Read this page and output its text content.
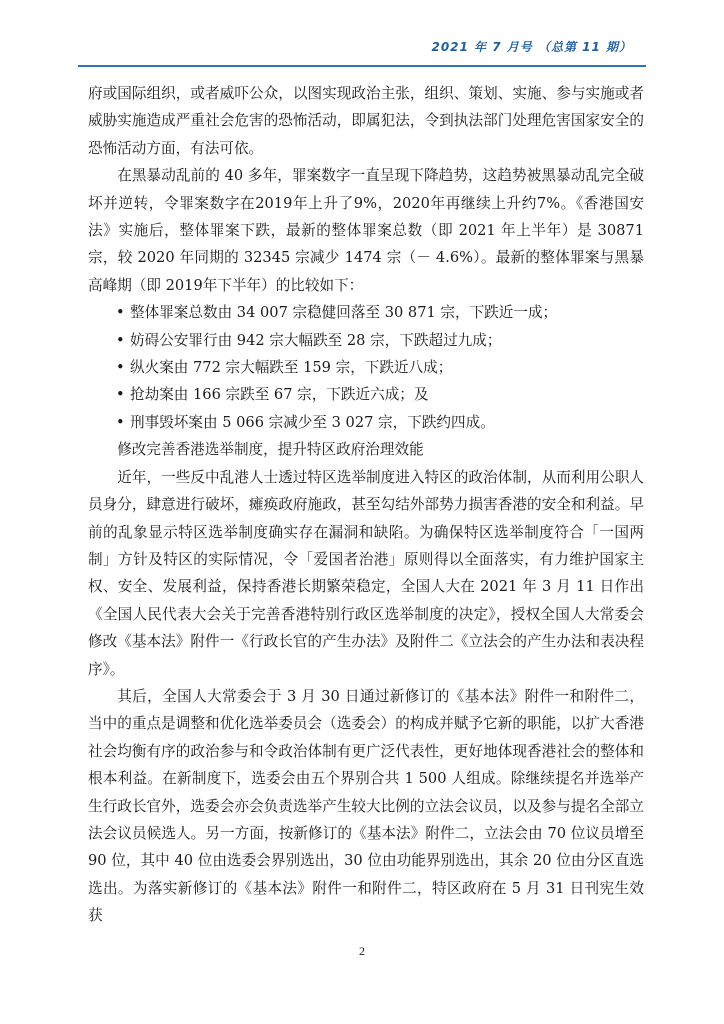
2021 年 7 月号 （总第 11 期）

府或国际组织，或者威吓公众，以图实现政治主张，组织、策划、实施、参与实施或者威胁实施造成严重社会危害的恐怖活动，即属犯法，令到执法部门处理危害国家安全的恐怖活动方面，有法可依。

在黑暴动乱前的 40 多年，罪案数字一直呈现下降趋势，这趋势被黑暴动乱完全破坏并逆转，令罪案数字在2019年上升了9%，2020年再继续上升约7%。《香港国安法》实施后，整体罪案下跌，最新的整体罪案总数（即 2021 年上半年）是 30871 宗，较 2020 年同期的 32345 宗减少 1474 宗（－ 4.6%）。最新的整体罪案与黑暴高峰期（即 2019年下半年）的比较如下：

• 整体罪案总数由 34 007 宗稳健回落至 30 871 宗，下跌近一成；
• 妨碍公安罪行由 942 宗大幅跌至 28 宗，下跌超过九成；
• 纵火案由 772 宗大幅跌至 159 宗，下跌近八成；
• 抢劫案由 166 宗跌至 67 宗，下跌近六成；及
• 刑事毁坏案由 5 066 宗减少至 3 027 宗，下跌约四成。

修改完善香港选举制度，提升特区政府治理效能

近年，一些反中乱港人士透过特区选举制度进入特区的政治体制，从而利用公职人员身分，肆意进行破坏，瘫痪政府施政，甚至勾结外部势力损害香港的安全和利益。早前的乱象显示特区选举制度确实存在漏洞和缺陷。为确保特区选举制度符合「一国两制」方针及特区的实际情况，令「爱国者治港」原则得以全面落实，有力维护国家主权、安全、发展利益，保持香港长期繁荣稳定，全国人大在 2021 年 3 月 11 日作出《全国人民代表大会关于完善香港特别行政区选举制度的决定》，授权全国人大常委会修改《基本法》附件一《行政长官的产生办法》及附件二《立法会的产生办法和表决程序》。

其后，全国人大常委会于 3 月 30 日通过新修订的《基本法》附件一和附件二，当中的重点是调整和优化选举委员会（选委会）的构成并赋予它新的职能，以扩大香港社会均衡有序的政治参与和令政治体制有更广泛代表性，更好地体现香港社会的整体和根本利益。在新制度下，选委会由五个界别合共 1 500 人组成。除继续提名并选举产生行政长官外，选委会亦会负责选举产生较大比例的立法会议员，以及参与提名全部立法会议员候选人。另一方面，按新修订的《基本法》附件二，立法会由 70 位议员增至 90 位，其中 40 位由选委会界别选出，30 位由功能界别选出，其余 20 位由分区直选选出。为落实新修订的《基本法》附件一和附件二，特区政府在 5 月 31 日刊宪生效获

2
